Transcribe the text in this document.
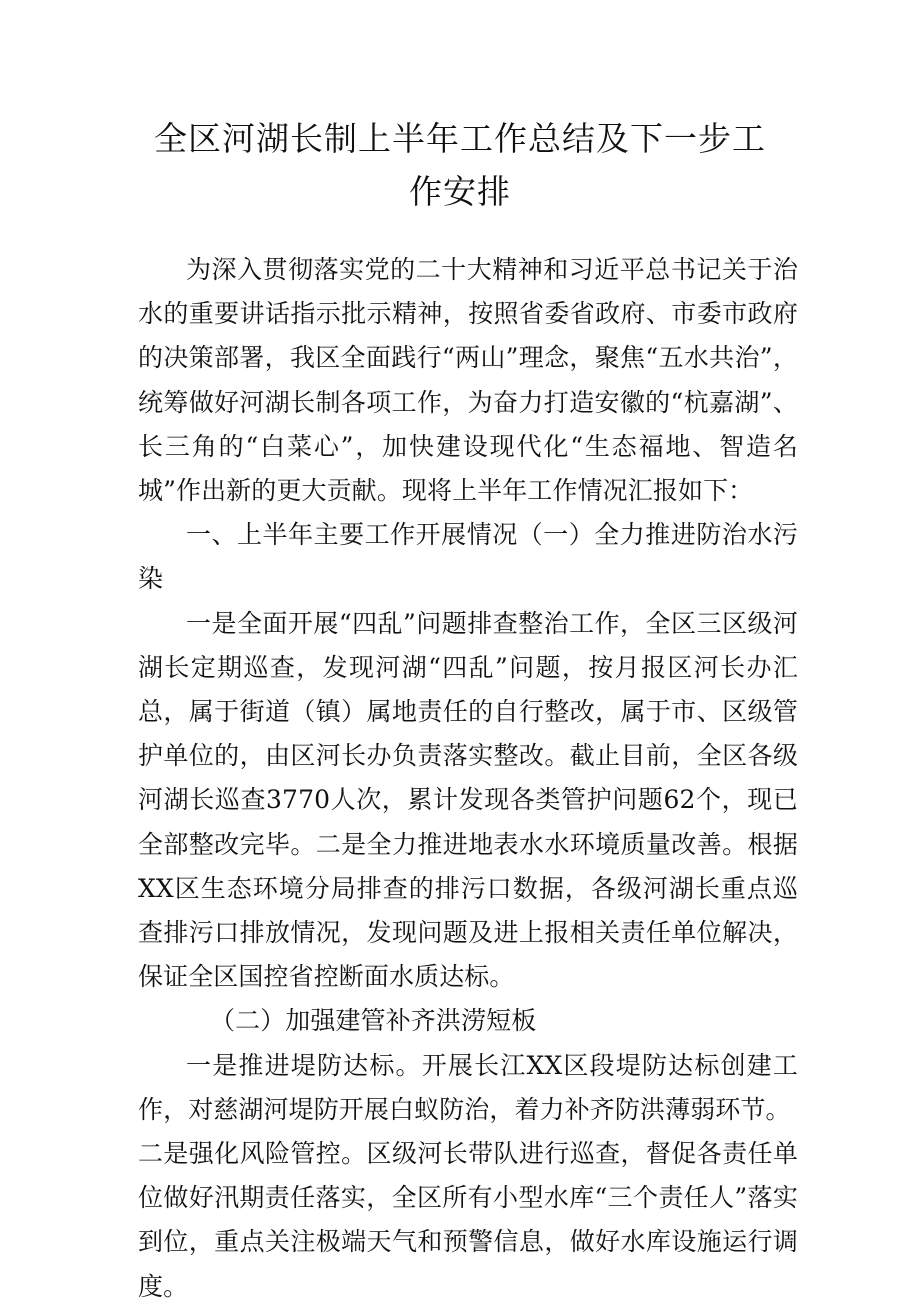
全区河湖长制上半年工作总结及下一步工作安排

为深入贯彻落实党的二十大精神和习近平总书记关于治水的重要讲话指示批示精神，按照省委省政府、市委市政府的决策部署，我区全面践行“两山”理念，聚焦“五水共治”，统筹做好河湖长制各项工作，为奋力打造安徽的“杭嘉湖”、长三角的“白菜心”，加快建设现代化“生态福地、智造名城”作出新的更大贡献。现将上半年工作情况汇报如下：

一、上半年主要工作开展情况（一）全力推进防治水污染

一是全面开展“四乱”问题排查整治工作，全区三区级河湖长定期巡查，发现河湖“四乱”问题，按月报区河长办汇总，属于街道（镇）属地责任的自行整改，属于市、区级管护单位的，由区河长办负责落实整改。截止目前，全区各级河湖长巡查3770人次，累计发现各类管护问题62个，现已全部整改完毕。二是全力推进地表水水环境质量改善。根据XX区生态环境分局排查的排污口数据，各级河湖长重点巡查排污口排放情况，发现问题及进上报相关责任单位解决，保证全区国控省控断面水质达标。

（二）加强建管补齐洪涝短板

一是推进堤防达标。开展长江XX区段堤防达标创建工作，对慈湖河堤防开展白蚁防治，着力补齐防洪薄弱环节。

二是强化风险管控。区级河长带队进行巡查，督促各责任单位做好汛期责任落实，全区所有小型水库“三个责任人”落实到位，重点关注极端天气和预警信息，做好水库设施运行调度。
